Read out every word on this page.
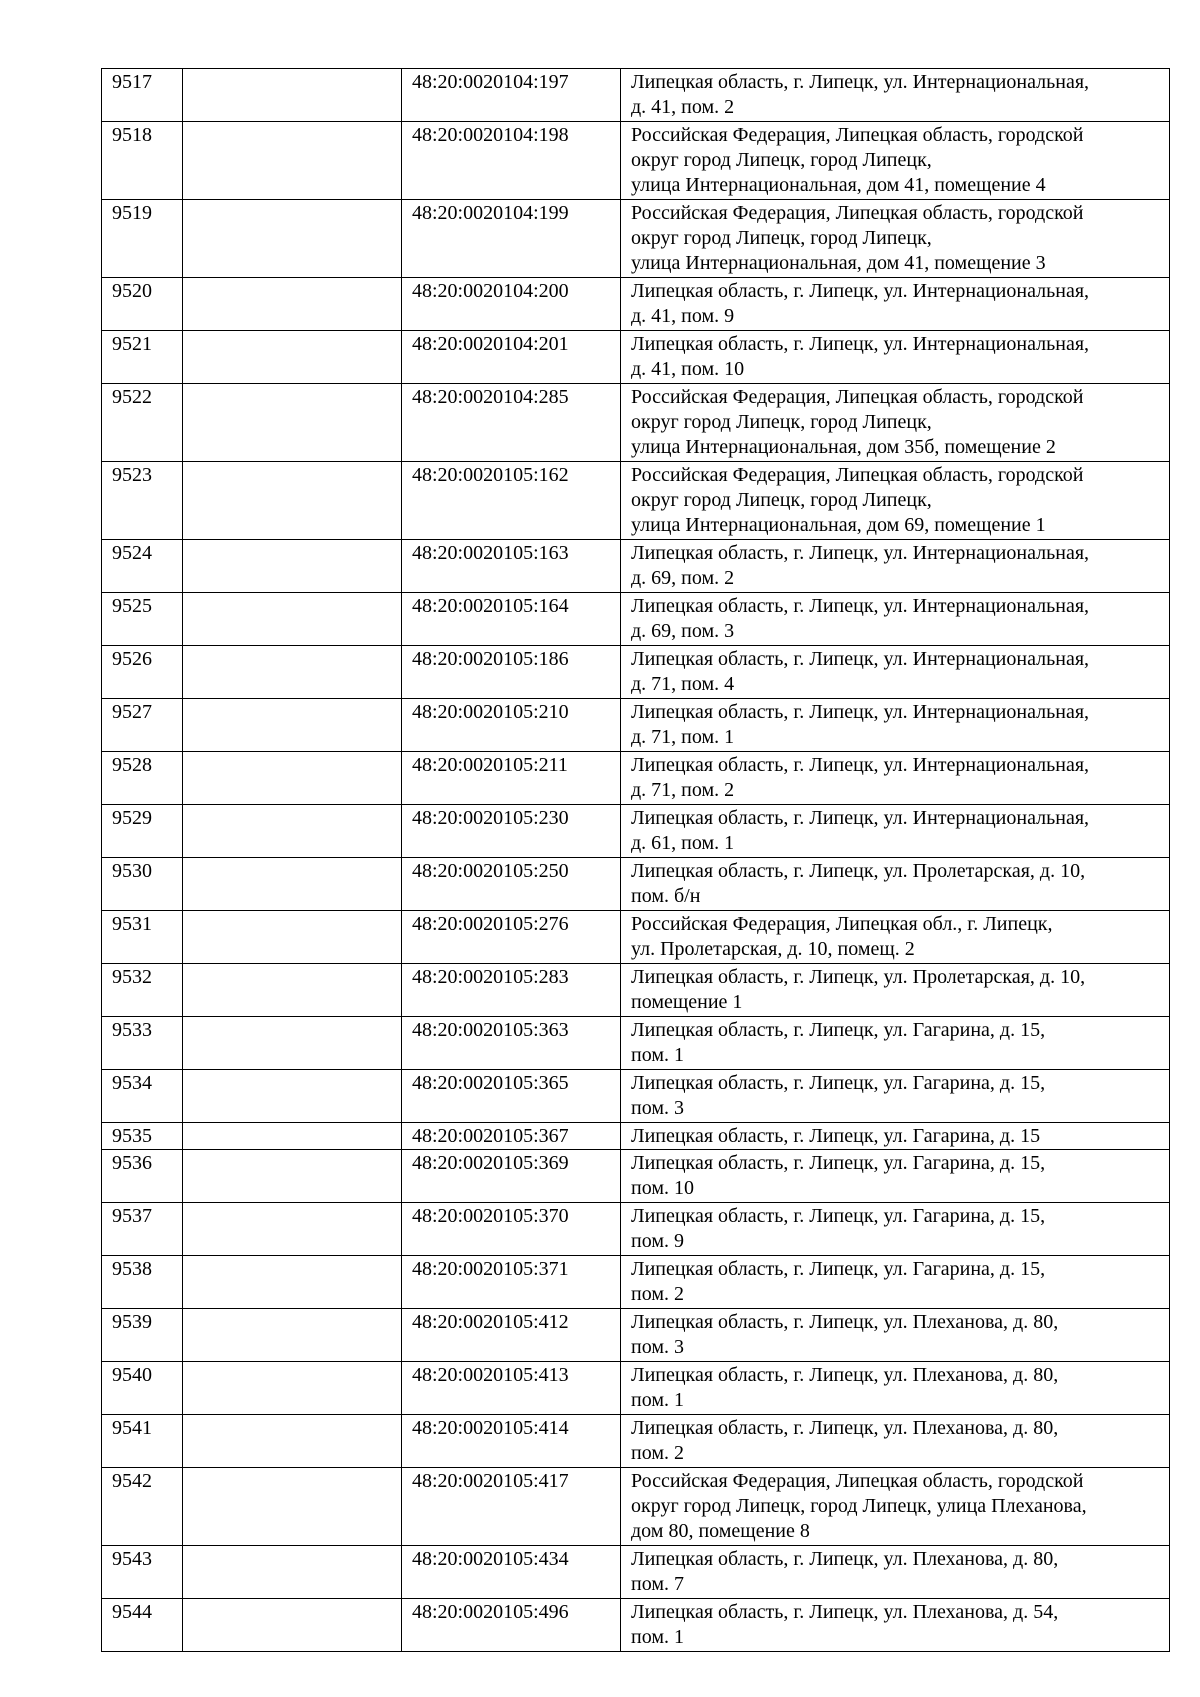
9517		48:20:0020104:197	Липецкая область, г. Липецк, ул. Интернациональная,
д. 41, пом. 2
9518		48:20:0020104:198	Российская Федерация, Липецкая область, городской
округ город Липецк, город Липецк,
улица Интернациональная, дом 41, помещение 4
9519		48:20:0020104:199	Российская Федерация, Липецкая область, городской
округ город Липецк, город Липецк,
улица Интернациональная, дом 41, помещение 3
9520		48:20:0020104:200	Липецкая область, г. Липецк, ул. Интернациональная,
д. 41, пом. 9
9521		48:20:0020104:201	Липецкая область, г. Липецк, ул. Интернациональная,
д. 41, пом. 10
9522		48:20:0020104:285	Российская Федерация, Липецкая область, городской
округ город Липецк, город Липецк,
улица Интернациональная, дом 35б, помещение 2
9523		48:20:0020105:162	Российская Федерация, Липецкая область, городской
округ город Липецк, город Липецк,
улица Интернациональная, дом 69, помещение 1
9524		48:20:0020105:163	Липецкая область, г. Липецк, ул. Интернациональная,
д. 69, пом. 2
9525		48:20:0020105:164	Липецкая область, г. Липецк, ул. Интернациональная,
д. 69, пом. 3
9526		48:20:0020105:186	Липецкая область, г. Липецк, ул. Интернациональная,
д. 71, пом. 4
9527		48:20:0020105:210	Липецкая область, г. Липецк, ул. Интернациональная,
д. 71, пом. 1
9528		48:20:0020105:211	Липецкая область, г. Липецк, ул. Интернациональная,
д. 71, пом. 2
9529		48:20:0020105:230	Липецкая область, г. Липецк, ул. Интернациональная,
д. 61, пом. 1
9530		48:20:0020105:250	Липецкая область, г. Липецк, ул. Пролетарская, д. 10,
пом. б/н
9531		48:20:0020105:276	Российская Федерация, Липецкая обл., г. Липецк,
ул. Пролетарская, д. 10, помещ. 2
9532		48:20:0020105:283	Липецкая область, г. Липецк, ул. Пролетарская, д. 10,
помещение 1
9533		48:20:0020105:363	Липецкая область, г. Липецк, ул. Гагарина, д. 15,
пом. 1
9534		48:20:0020105:365	Липецкая область, г. Липецк, ул. Гагарина, д. 15,
пом. 3
9535		48:20:0020105:367	Липецкая область, г. Липецк, ул. Гагарина, д. 15
9536		48:20:0020105:369	Липецкая область, г. Липецк, ул. Гагарина, д. 15,
пом. 10
9537		48:20:0020105:370	Липецкая область, г. Липецк, ул. Гагарина, д. 15,
пом. 9
9538		48:20:0020105:371	Липецкая область, г. Липецк, ул. Гагарина, д. 15,
пом. 2
9539		48:20:0020105:412	Липецкая область, г. Липецк, ул. Плеханова, д. 80,
пом. 3
9540		48:20:0020105:413	Липецкая область, г. Липецк, ул. Плеханова, д. 80,
пом. 1
9541		48:20:0020105:414	Липецкая область, г. Липецк, ул. Плеханова, д. 80,
пом. 2
9542		48:20:0020105:417	Российская Федерация, Липецкая область, городской
округ город Липецк, город Липецк, улица Плеханова,
дом 80, помещение 8
9543		48:20:0020105:434	Липецкая область, г. Липецк, ул. Плеханова, д. 80,
пом. 7
9544		48:20:0020105:496	Липецкая область, г. Липецк, ул. Плеханова, д. 54,
пом. 1
